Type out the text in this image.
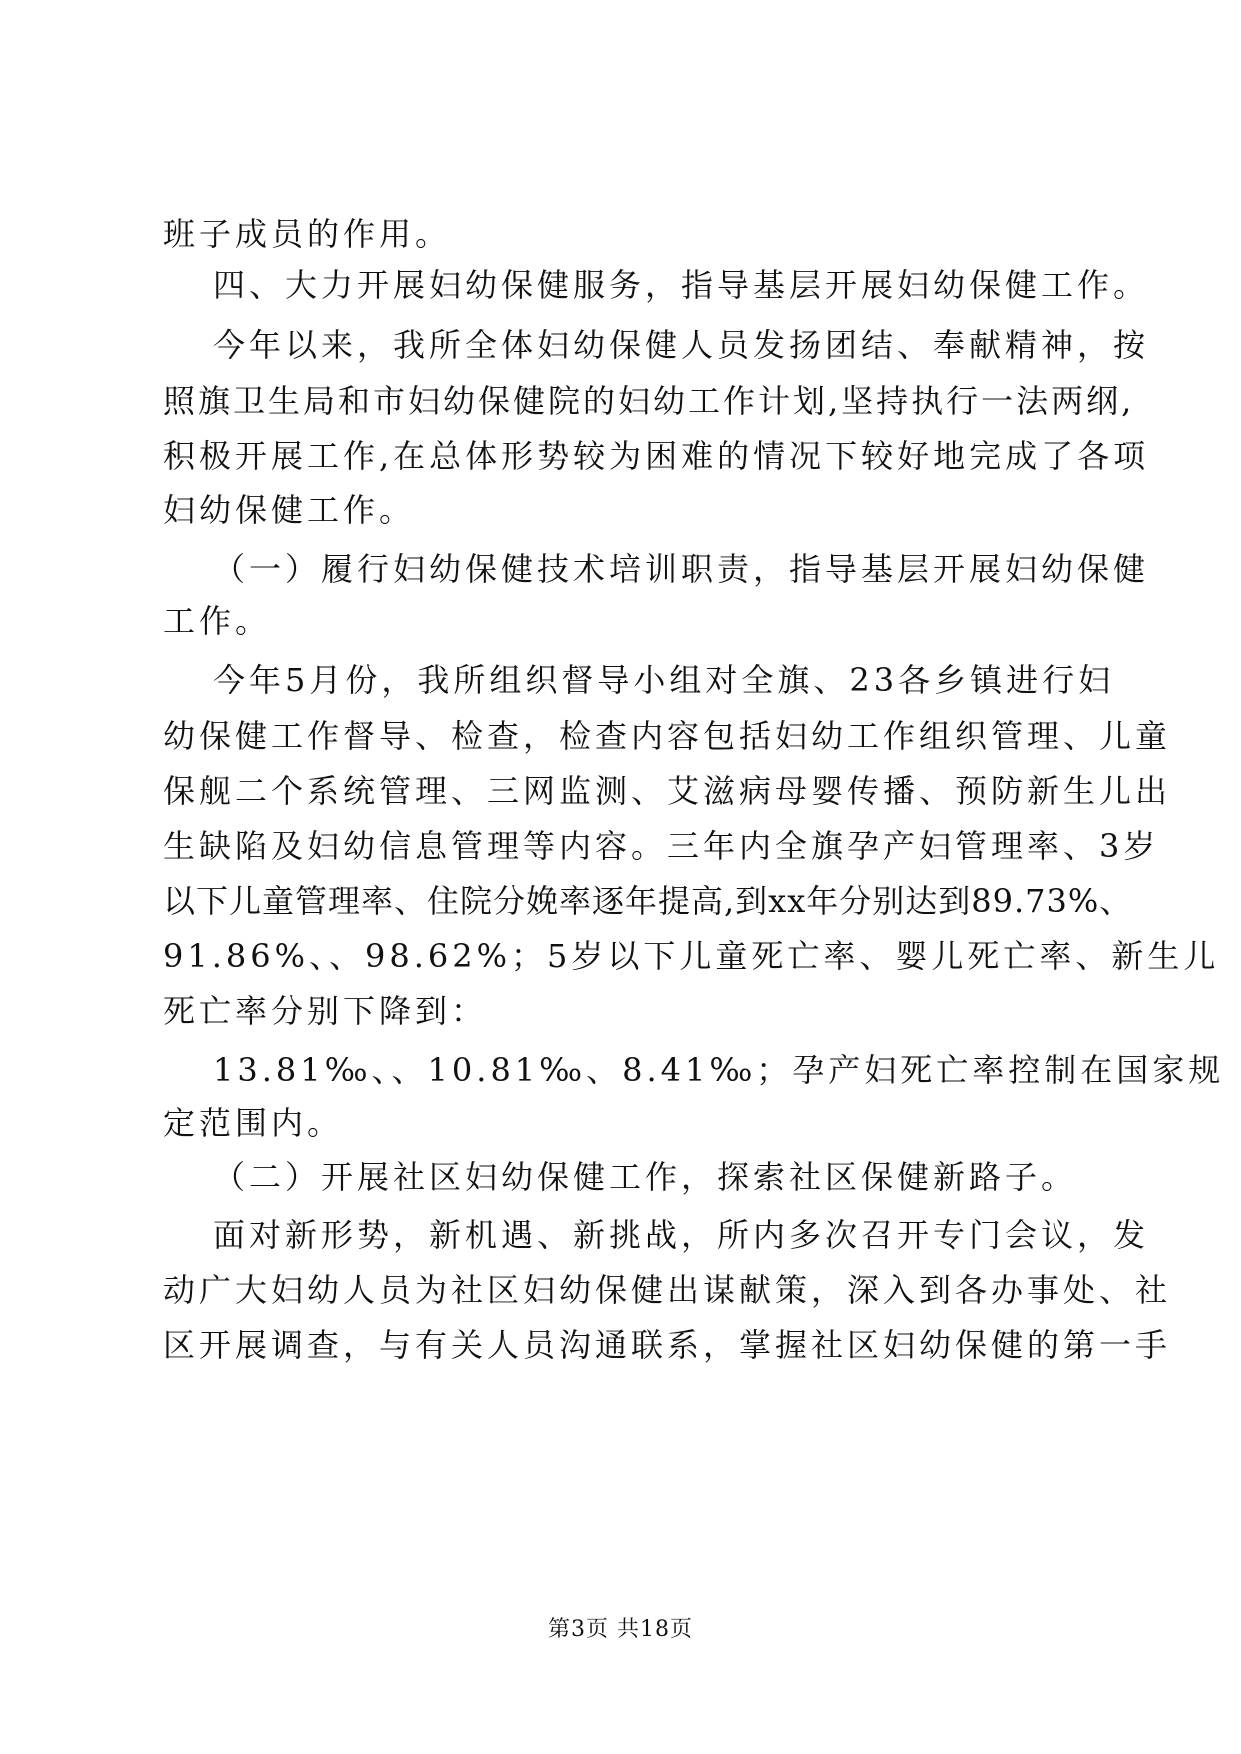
班子成员的作用。

四、大力开展妇幼保健服务，指导基层开展妇幼保健工作。

今年以来，我所全体妇幼保健人员发扬团结、奉献精神，按

照旗卫生局和市妇幼保健院的妇幼工作计划,坚持执行一法两纲,

积极开展工作,在总体形势较为困难的情况下较好地完成了各项

妇幼保健工作。

（一）履行妇幼保健技术培训职责，指导基层开展妇幼保健

工作。

今年5月份，我所组织督导小组对全旗、23各乡镇进行妇

幼保健工作督导、检查，检查内容包括妇幼工作组织管理、儿童

保舰二个系统管理、三网监测、艾滋病母婴传播、预防新生儿出

生缺陷及妇幼信息管理等内容。三年内全旗孕产妇管理率、3岁

以下儿童管理率、住院分娩率逐年提高,到xx年分别达到89.73%、

91.86%、、98.62%；5岁以下儿童死亡率、婴儿死亡率、新生儿

死亡率分别下降到：

13.81‰、、10.81‰、8.41‰；孕产妇死亡率控制在国家规

定范围内。

（二）开展社区妇幼保健工作，探索社区保健新路子。

面对新形势，新机遇、新挑战，所内多次召开专门会议，发

动广大妇幼人员为社区妇幼保健出谋献策，深入到各办事处、社

区开展调查，与有关人员沟通联系，掌握社区妇幼保健的第一手

第3页 共18页
